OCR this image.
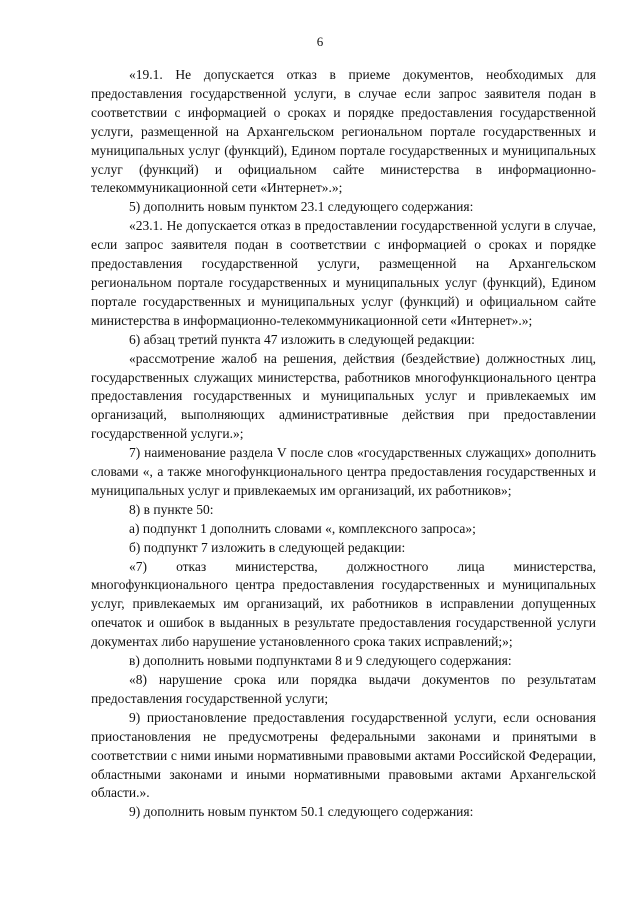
6

«19.1. Не допускается отказ в приеме документов, необходимых для предоставления государственной услуги, в случае если запрос заявителя подан в соответствии с информацией о сроках и порядке предоставления государственной услуги, размещенной на Архангельском региональном портале государственных и муниципальных услуг (функций), Едином портале государственных и муниципальных услуг (функций) и официальном сайте министерства в информационно-телекоммуникационной сети «Интернет».»;

5) дополнить новым пунктом 23.1 следующего содержания:

«23.1. Не допускается отказ в предоставлении государственной услуги в случае, если запрос заявителя подан в соответствии с информацией о сроках и порядке предоставления государственной услуги, размещенной на Архангельском региональном портале государственных и муниципальных услуг (функций), Едином портале государственных и муниципальных услуг (функций) и официальном сайте министерства в информационно-телекоммуникационной сети «Интернет».»;

6) абзац третий пункта 47 изложить в следующей редакции:

«рассмотрение жалоб на решения, действия (бездействие) должностных лиц, государственных служащих министерства, работников многофункционального центра предоставления государственных и муниципальных услуг и привлекаемых им организаций, выполняющих административные действия при предоставлении государственной услуги.»;

7) наименование раздела V после слов «государственных служащих» дополнить словами «, а также многофункционального центра предоставления государственных и муниципальных услуг и привлекаемых им организаций, их работников»;

8) в пункте 50:

а) подпункт 1 дополнить словами «, комплексного запроса»;

б) подпункт 7 изложить в следующей редакции:

«7) отказ министерства, должностного лица министерства, многофункционального центра предоставления государственных и муниципальных услуг, привлекаемых им организаций, их работников в исправлении допущенных опечаток и ошибок в выданных в результате предоставления государственной услуги документах либо нарушение установленного срока таких исправлений;»;

в) дополнить новыми подпунктами 8 и 9 следующего содержания:

«8) нарушение срока или порядка выдачи документов по результатам предоставления государственной услуги;

9) приостановление предоставления государственной услуги, если основания приостановления не предусмотрены федеральными законами и принятыми в соответствии с ними иными нормативными правовыми актами Российской Федерации, областными законами и иными нормативными правовыми актами Архангельской области.».

9) дополнить новым пунктом 50.1 следующего содержания:
